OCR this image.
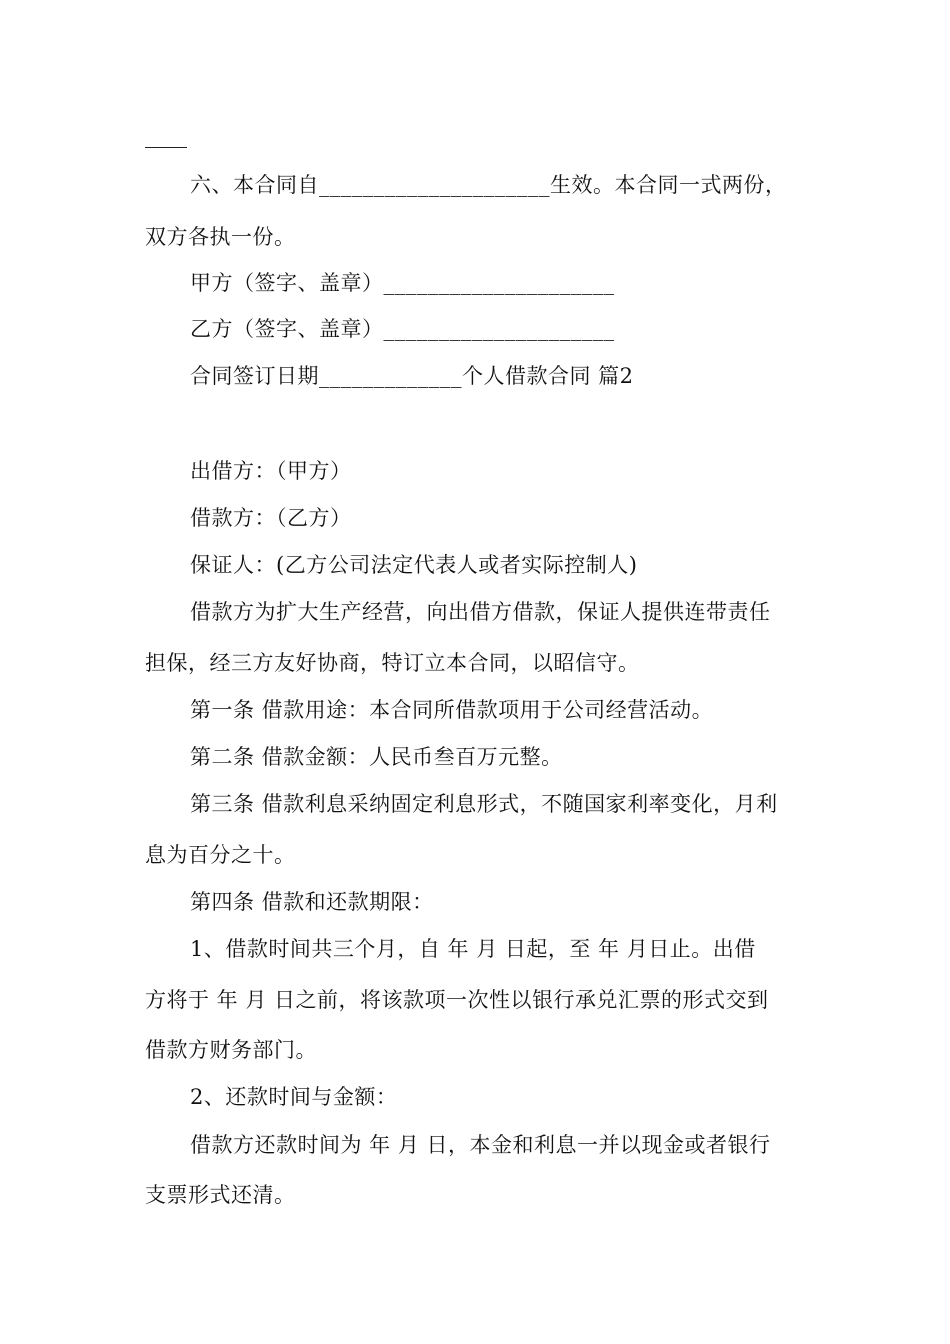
六、本合同自_____________________生效。本合同一式两份，
双方各执一份。
甲方（签字、盖章）_____________________
乙方（签字、盖章）_____________________
合同签订日期_____________个人借款合同 篇2
出借方：（甲方）
借款方：（乙方）
保证人：(乙方公司法定代表人或者实际控制人)
借款方为扩大生产经营，向出借方借款，保证人提供连带责任
担保，经三方友好协商，特订立本合同，以昭信守。
第一条 借款用途：本合同所借款项用于公司经营活动。
第二条 借款金额：人民币叁百万元整。
第三条 借款利息采纳固定利息形式，不随国家利率变化，月利
息为百分之十。
第四条 借款和还款期限：
1、借款时间共三个月，自 年 月 日起，至 年 月日止。出借
方将于 年 月 日之前，将该款项一次性以银行承兑汇票的形式交到
借款方财务部门。
2、还款时间与金额：
借款方还款时间为 年 月 日，本金和利息一并以现金或者银行
支票形式还清。
